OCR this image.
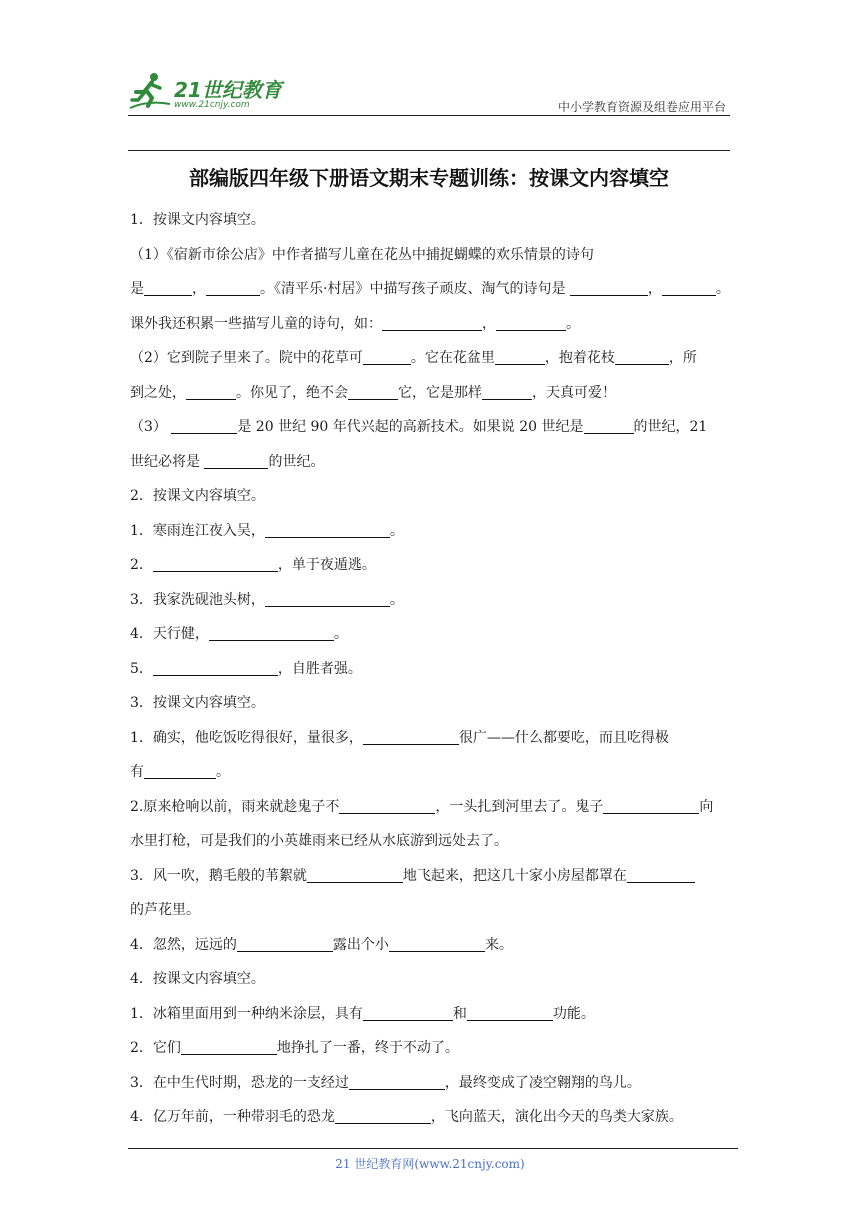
21世纪教育
www.21cnjy.com	中小学教育资源及组卷应用平台
部编版四年级下册语文期末专题训练：按课文内容填空
1．按课文内容填空。
（1）《宿新市徐公店》中作者描写儿童在花丛中捕捉蝴蝶的欢乐情景的诗句
是	，	。《清平乐·村居》中描写孩子顽皮、淘气的诗句是	，	。
课外我还积累一些描写儿童的诗句，如：	，	。
（2）它到院子里来了。院中的花草可	。它在花盆里	，抱着花枝	，所
到之处，	。你见了，绝不会	它，它是那样	，天真可爱！
（3）	是 20 世纪 90 年代兴起的高新技术。如果说 20 世纪是	的世纪，21
世纪必将是	的世纪。
2．按课文内容填空。
1．寒雨连江夜入吴，	。
2．	，单于夜遁逃。
3．我家洗砚池头树，	。
4．天行健，	。
5．	，自胜者强。
3．按课文内容填空。
1．确实，他吃饭吃得很好，量很多，	很广——什么都要吃，而且吃得极
有	。
2.原来枪响以前，雨来就趁鬼子不	，一头扎到河里去了。鬼子	向
水里打枪，可是我们的小英雄雨来已经从水底游到远处去了。
3．风一吹，鹅毛般的苇絮就	地飞起来，把这几十家小房屋都罩在
的芦花里。
4．忽然，远远的	露出个小	来。
4．按课文内容填空。
1．冰箱里面用到一种纳米涂层，具有	和	功能。
2．它们	地挣扎了一番，终于不动了。
3．在中生代时期，恐龙的一支经过	，最终变成了凌空翱翔的鸟儿。
4．亿万年前，一种带羽毛的恐龙	，飞向蓝天，演化出今天的鸟类大家族。
21 世纪教育网(www.21cnjy.com)
